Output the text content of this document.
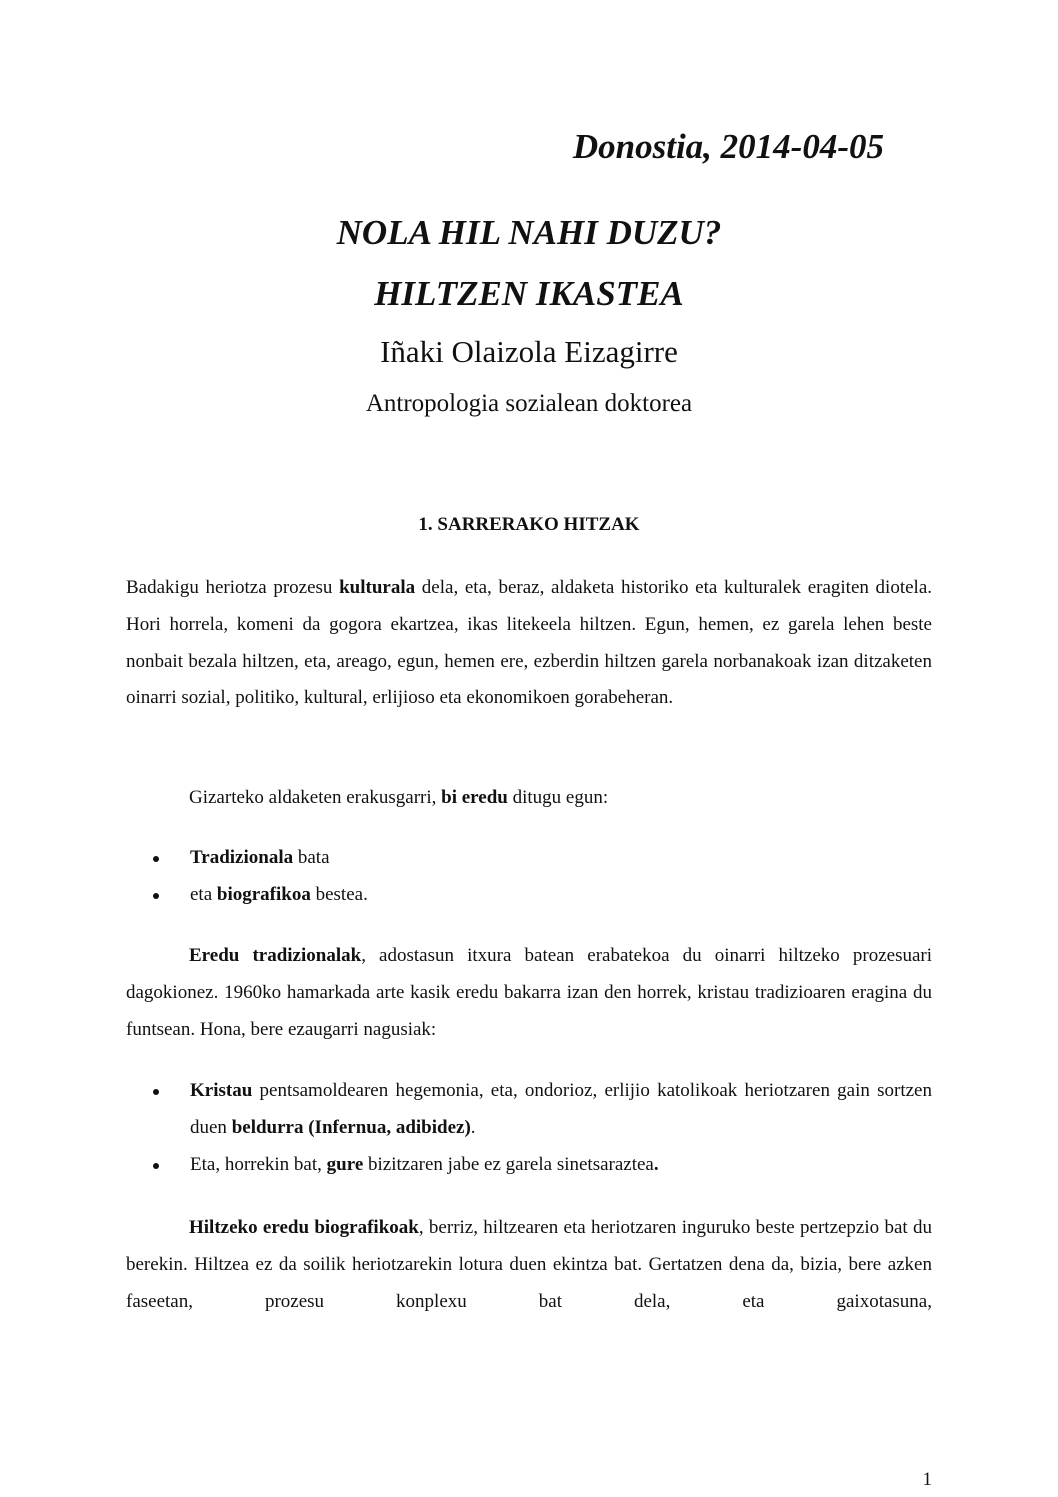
Donostia, 2014-04-05
NOLA HIL NAHI DUZU?
HILTZEN IKASTEA
Iñaki Olaizola Eizagirre
Antropologia sozialean doktorea
1. SARRERAKO HITZAK

Badakigu heriotza prozesu kulturala dela, eta, beraz, aldaketa historiko eta kulturalek eragiten diotela. Hori horrela, komeni da gogora ekartzea, ikas litekeela hiltzen. Egun, hemen, ez garela lehen beste nonbait bezala hiltzen, eta, areago, egun, hemen ere, ezberdin hiltzen garela norbanakoak izan ditzaketen oinarri sozial, politiko, kultural, erlijioso eta ekonomikoen gorabeheran.

Gizarteko aldaketen erakusgarri, bi eredu ditugu egun:

Tradizionala bata
eta biografikoa bestea.

Eredu tradizionalak, adostasun itxura batean erabatekoa du oinarri hiltzeko prozesuari dagokionez. 1960ko hamarkada arte kasik eredu bakarra izan den horrek, kristau tradizioaren eragina du funtsean. Hona, bere ezaugarri nagusiak:

Kristau pentsamoldearen hegemonia, eta, ondorioz, erlijio katolikoak heriotzaren gain sortzen duen beldurra (Infernua, adibidez).
Eta, horrekin bat, gure bizitzaren jabe ez garela sinetsaraztea.

Hiltzeko eredu biografikoak, berriz, hiltzearen eta heriotzaren inguruko beste pertzepzio bat du berekin. Hiltzea ez da soilik heriotzarekin lotura duen ekintza bat. Gertatzen dena da, bizia, bere azken faseetan, prozesu konplexu bat dela, eta gaixotasuna,

1
